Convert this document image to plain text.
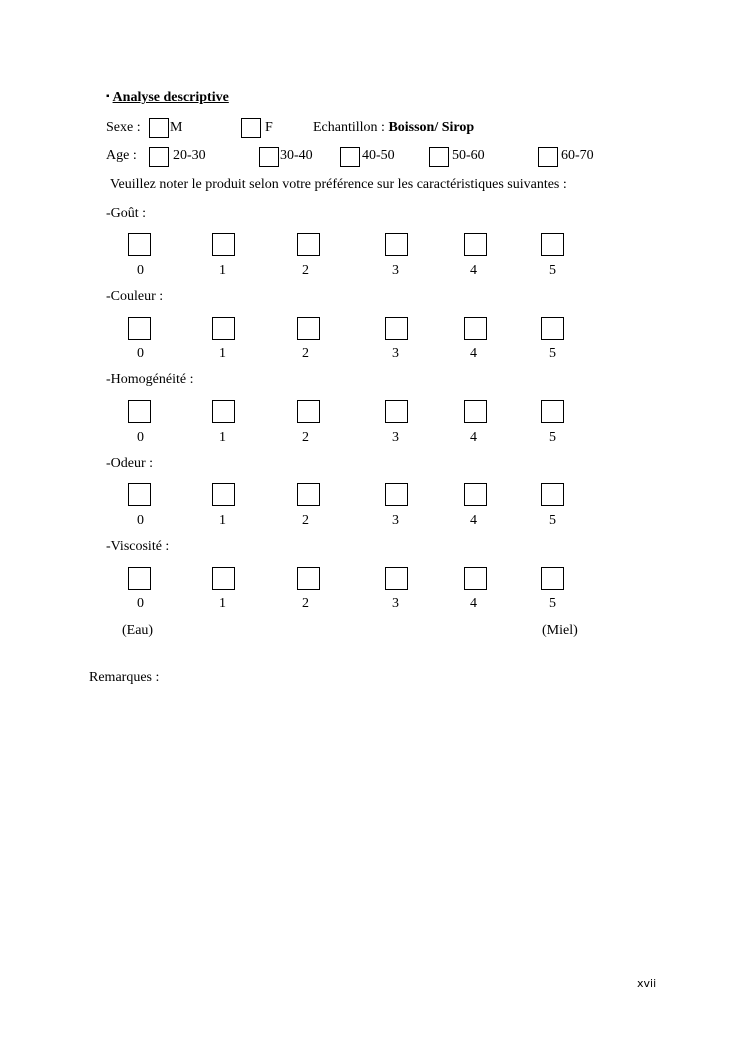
▪ Analyse descriptive
Sexe : M	F	Echantillon : Boisson/ Sirop
Age :	20-30	30-40	40-50	50-60	60-70
Veuillez noter le produit selon votre préférence sur les caractéristiques suivantes :
-Goût :
0	1	2	3	4	5
-Couleur :
0	1	2	3	4	5
-Homogénéité :
0	1	2	3	4	5
-Odeur :
0	1	2	3	4	5
-Viscosité :
0	1	2	3	4	5
(Eau)	(Miel)
Remarques :
xvii
